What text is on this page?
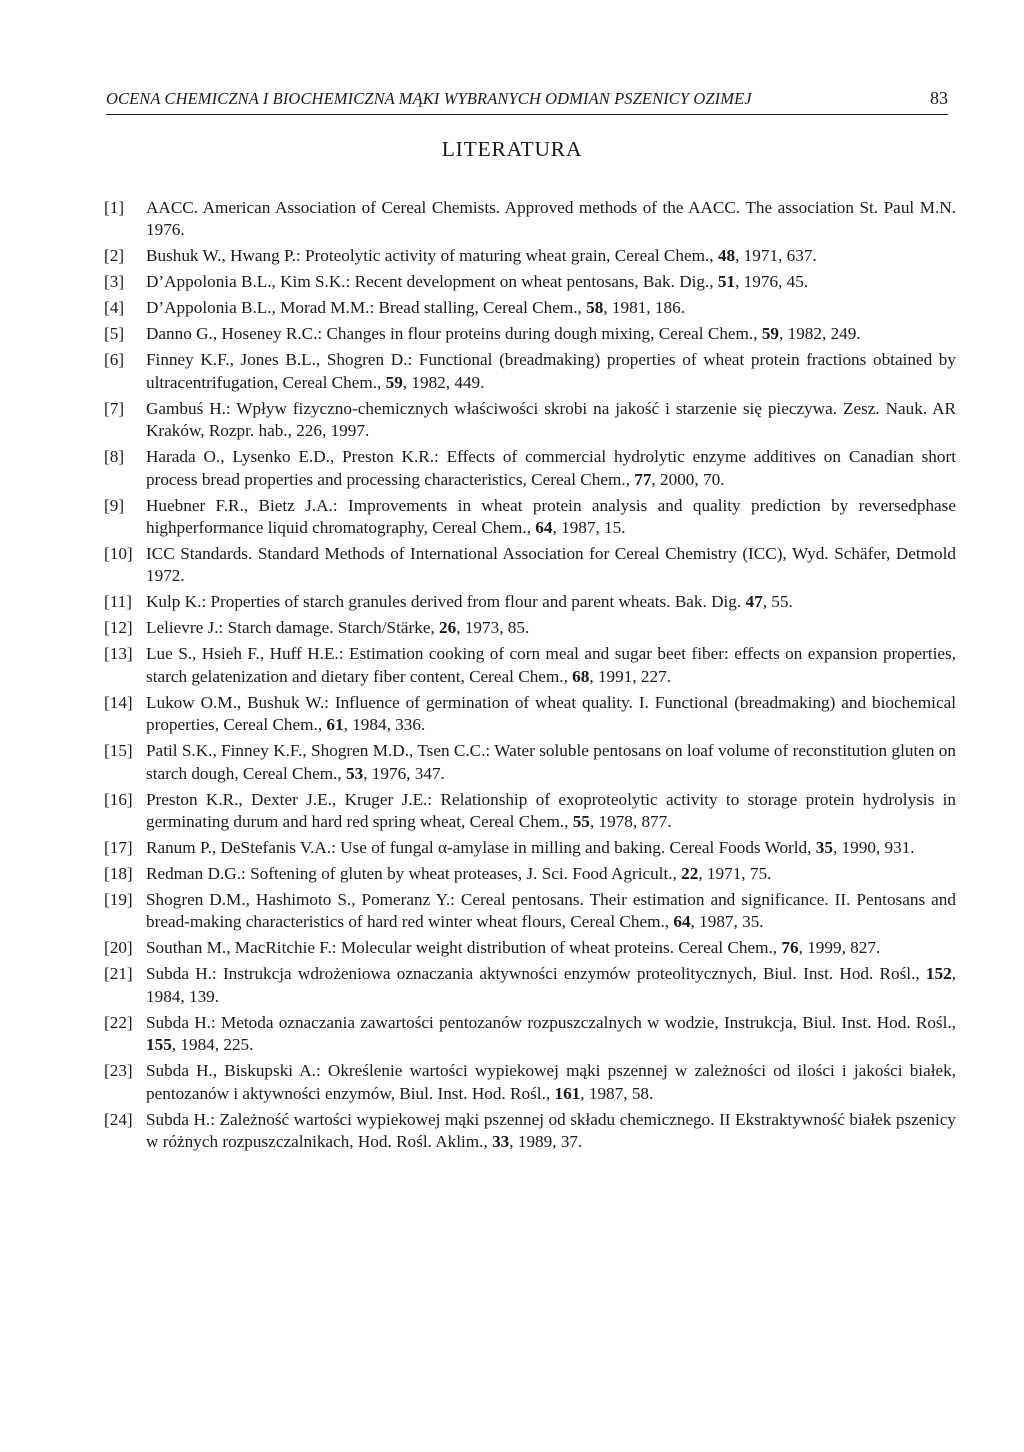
OCENA CHEMICZNA I BIOCHEMICZNA MĄKI WYBRANYCH ODMIAN PSZENICY OZIMEJ	83
LITERATURA
[1]	AACC. American Association of Cereal Chemists. Approved methods of the AACC. The association St. Paul M.N. 1976.
[2]	Bushuk W., Hwang P.: Proteolytic activity of maturing wheat grain, Cereal Chem., 48, 1971, 637.
[3]	D’Appolonia B.L., Kim S.K.: Recent development on wheat pentosans, Bak. Dig., 51, 1976, 45.
[4]	D’Appolonia B.L., Morad M.M.: Bread stalling, Cereal Chem., 58, 1981, 186.
[5]	Danno G., Hoseney R.C.: Changes in flour proteins during dough mixing, Cereal Chem., 59, 1982, 249.
[6]	Finney K.F., Jones B.L., Shogren D.: Functional (breadmaking) properties of wheat protein fractions obtained by ultracentrifugation, Cereal Chem., 59, 1982, 449.
[7]	Gambuś H.: Wpływ fizyczno-chemicznych właściwości skrobi na jakość i starzenie się pieczywa. Zesz. Nauk. AR Kraków, Rozpr. hab., 226, 1997.
[8]	Harada O., Lysenko E.D., Preston K.R.: Effects of commercial hydrolytic enzyme additives on Canadian short process bread properties and processing characteristics, Cereal Chem., 77, 2000, 70.
[9]	Huebner F.R., Bietz J.A.: Improvements in wheat protein analysis and quality prediction by reversedphase highperformance liquid chromatography, Cereal Chem., 64, 1987, 15.
[10] ICC Standards. Standard Methods of International Association for Cereal Chemistry (ICC), Wyd. Schäfer, Detmold 1972.
[11] Kulp K.: Properties of starch granules derived from flour and parent wheats. Bak. Dig. 47, 55.
[12] Lelievre J.: Starch damage. Starch/Stärke, 26, 1973, 85.
[13] Lue S., Hsieh F., Huff H.E.: Estimation cooking of corn meal and sugar beet fiber: effects on expansion properties, starch gelatenization and dietary fiber content, Cereal Chem., 68, 1991, 227.
[14] Lukow O.M., Bushuk W.: Influence of germination of wheat quality. I. Functional (breadmaking) and biochemical properties, Cereal Chem., 61, 1984, 336.
[15] Patil S.K., Finney K.F., Shogren M.D., Tsen C.C.: Water soluble pentosans on loaf volume of reconstitution gluten on starch dough, Cereal Chem., 53, 1976, 347.
[16] Preston K.R., Dexter J.E., Kruger J.E.: Relationship of exoproteolytic activity to storage protein hydrolysis in germinating durum and hard red spring wheat, Cereal Chem., 55, 1978, 877.
[17] Ranum P., DeStefanis V.A.: Use of fungal α-amylase in milling and baking. Cereal Foods World, 35, 1990, 931.
[18] Redman D.G.: Softening of gluten by wheat proteases, J. Sci. Food Agricult., 22, 1971, 75.
[19] Shogren D.M., Hashimoto S., Pomeranz Y.: Cereal pentosans. Their estimation and significance. II. Pentosans and bread-making characteristics of hard red winter wheat flours, Cereal Chem., 64, 1987, 35.
[20] Southan M., MacRitchie F.: Molecular weight distribution of wheat proteins. Cereal Chem., 76, 1999, 827.
[21] Subda H.: Instrukcja wdrożeniowa oznaczania aktywności enzymów proteolitycznych, Biul. Inst. Hod. Rośl., 152, 1984, 139.
[22] Subda H.: Metoda oznaczania zawartości pentozanów rozpuszczalnych w wodzie, Instrukcja, Biul. Inst. Hod. Rośl., 155, 1984, 225.
[23] Subda H., Biskupski A.: Określenie wartości wypiekowej mąki pszennej w zależności od ilości i jakości białek, pentozanów i aktywności enzymów, Biul. Inst. Hod. Rośl., 161, 1987, 58.
[24] Subda H.: Zależność wartości wypiekowej mąki pszennej od składu chemicznego. II Ekstraktywność białek pszenicy w różnych rozpuszczalnikach, Hod. Rośl. Aklim., 33, 1989, 37.
